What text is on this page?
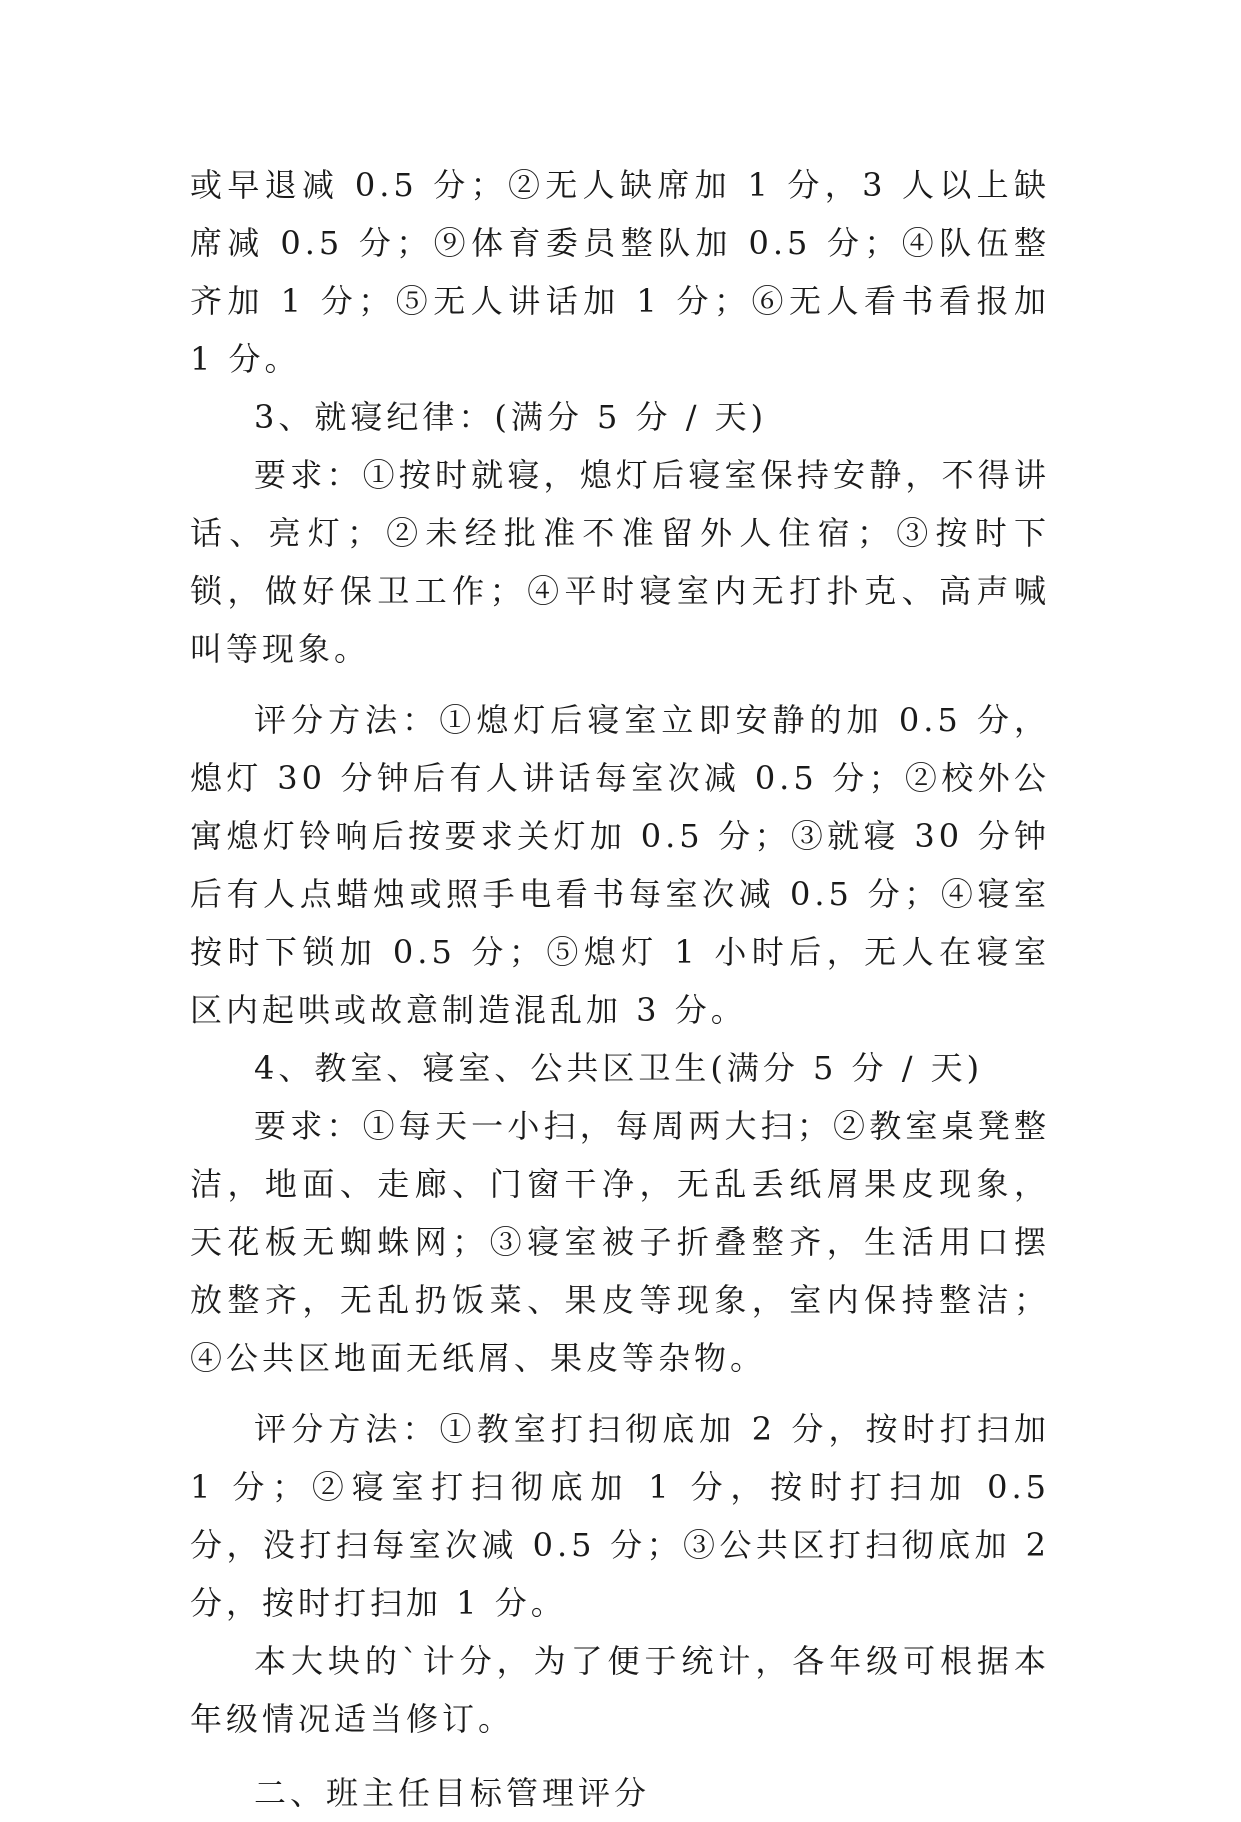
或早退减 0.5 分；②无人缺席加 1 分，3 人以上缺席减 0.5 分；⑨体育委员整队加 0.5 分；④队伍整齐加 1 分；⑤无人讲话加 1 分；⑥无人看书看报加 1 分。

3、就寝纪律：(满分 5 分 / 天)

要求：①按时就寝，熄灯后寝室保持安静，不得讲话、亮灯；②未经批准不准留外人住宿；③按时下锁，做好保卫工作；④平时寝室内无打扑克、高声喊叫等现象。

评分方法：①熄灯后寝室立即安静的加 0.5 分，熄灯 30 分钟后有人讲话每室次减 0.5 分；②校外公寓熄灯铃响后按要求关灯加 0.5 分；③就寝 30 分钟后有人点蜡烛或照手电看书每室次减 0.5 分；④寝室按时下锁加 0.5 分；⑤熄灯 1 小时后，无人在寝室区内起哄或故意制造混乱加 3 分。

4、教室、寝室、公共区卫生(满分 5 分 / 天)

要求：①每天一小扫，每周两大扫；②教室桌凳整洁，地面、走廊、门窗干净，无乱丢纸屑果皮现象，天花板无蜘蛛网；③寝室被子折叠整齐，生活用口摆放整齐，无乱扔饭菜、果皮等现象，室内保持整洁；④公共区地面无纸屑、果皮等杂物。

评分方法：①教室打扫彻底加 2 分，按时打扫加 1 分；②寝室打扫彻底加 1 分，按时打扫加 0.5 分，没打扫每室次减 0.5 分；③公共区打扫彻底加 2 分，按时打扫加 1 分。

本大块的`计分，为了便于统计，各年级可根据本年级情况适当修订。

二、班主任目标管理评分
